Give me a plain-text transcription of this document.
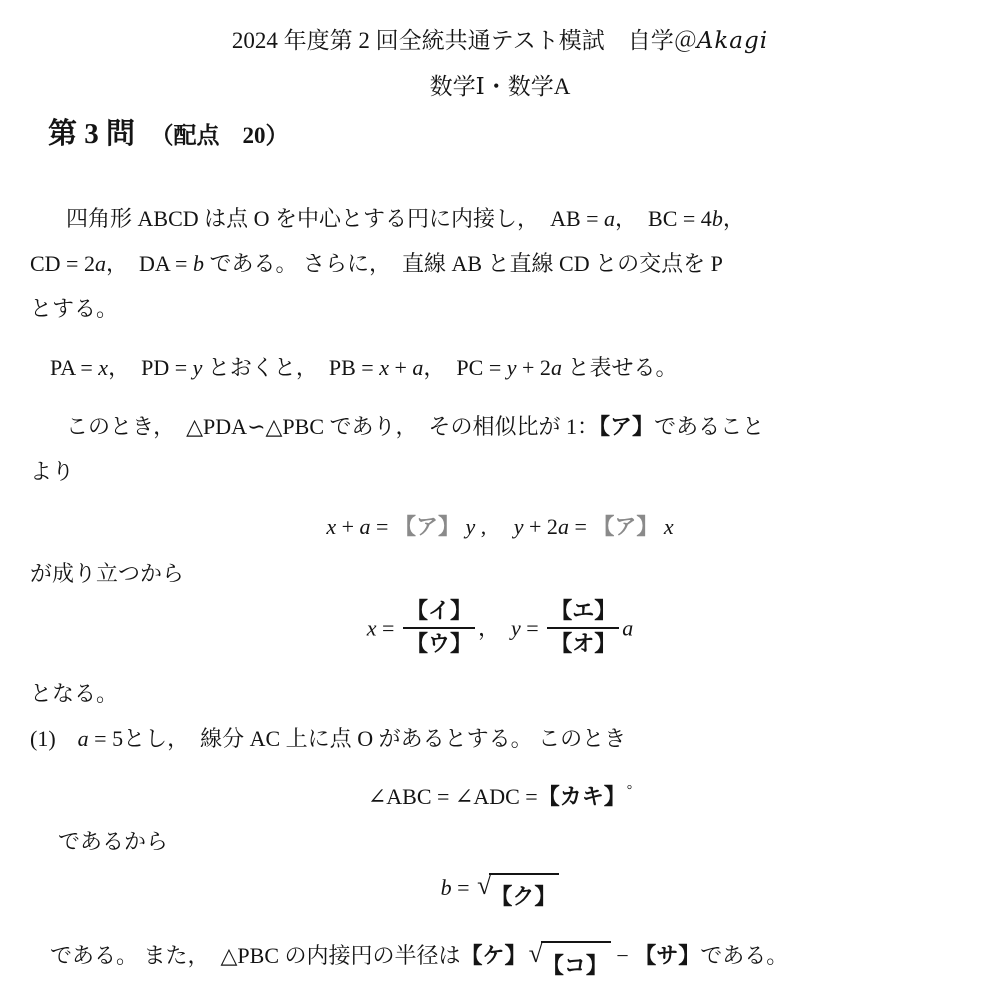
2024 年度第 2 回全統共通テスト模試　自学＠Akagi
数学Ⅰ・数学A
第 3 問 （配点　20）
四角形 ABCD は点 O を中心とする円に内接し，　AB = a，　BC = 4b，
CD = 2a，　DA = b である。 さらに，　直線 AB と直線 CD との交点を P
とする。
PA = x，　PD = y とおくと，　PB = x + a，　PC = y + 2a と表せる。
このとき，　△PDA∽△PBC であり，　その相似比が 1：【ア】であること
より
x + a = 【ア】 y ,　 y + 2a = 【ア】 x
が成り立つから
$x = \frac{\text{【イ】}}{\text{【ウ】}}$ ，　$y = \frac{\text{【エ】}}{\text{【オ】}}$ a
となる。
(1)　 a = 5とし，　線分 AC 上に点 O があるとする。 このとき
∠ABC = ∠ADC =【カキ】°
であるから
b = √ 【ク】
である。 また，　△PBC の内接円の半径は【ケ】 √ 【コ】 − 【サ】である。
